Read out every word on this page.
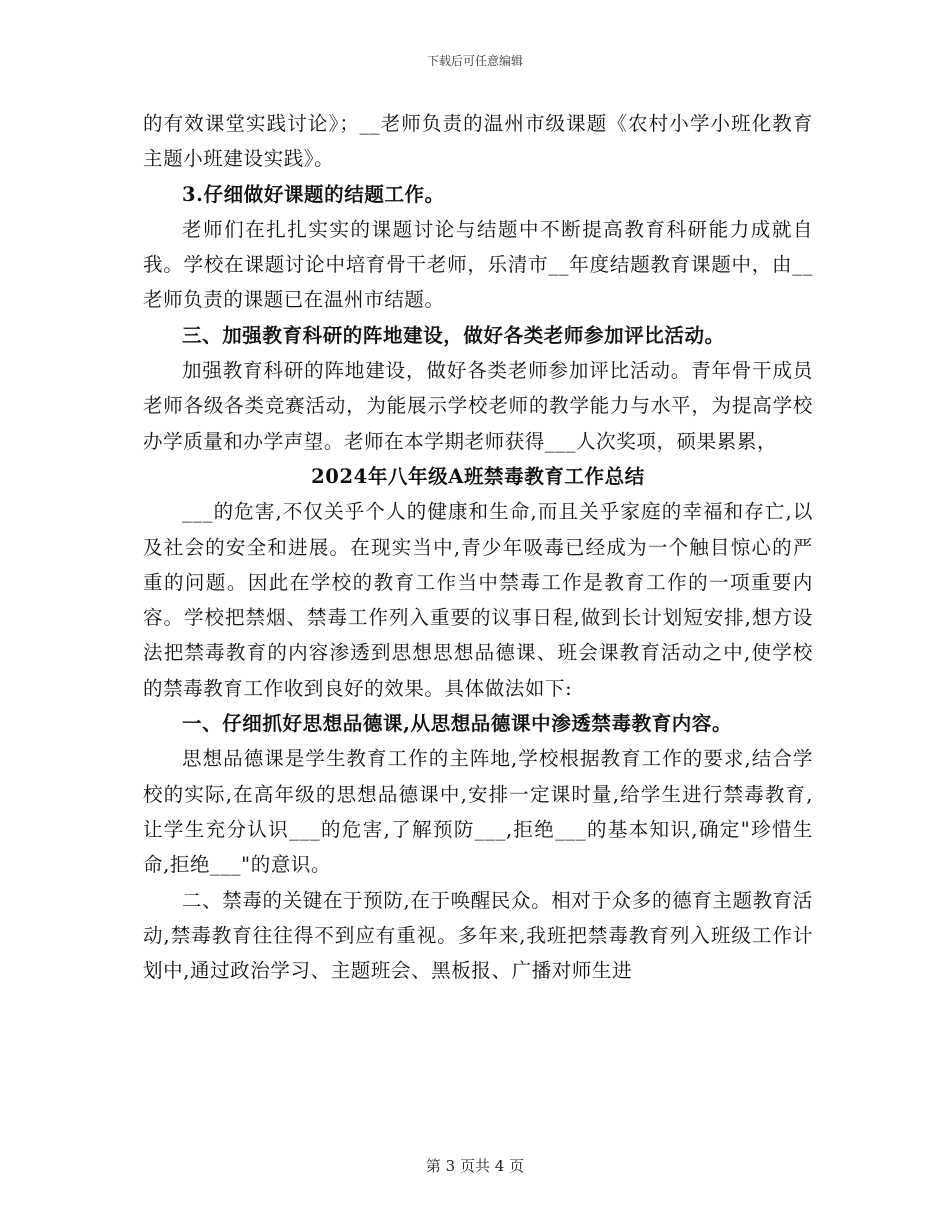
下载后可任意编辑

的有效课堂实践讨论》；__老师负责的温州市级课题《农村小学小班化教育主题小班建设实践》。

3.仔细做好课题的结题工作。

老师们在扎扎实实的课题讨论与结题中不断提高教育科研能力成就自我。学校在课题讨论中培育骨干老师，乐清市__年度结题教育课题中，由__老师负责的课题已在温州市结题。

三、加强教育科研的阵地建设，做好各类老师参加评比活动。

加强教育科研的阵地建设，做好各类老师参加评比活动。青年骨干成员老师各级各类竞赛活动，为能展示学校老师的教学能力与水平，为提高学校办学质量和办学声望。老师在本学期老师获得___人次奖项，硕果累累，

2024年八年级A班禁毒教育工作总结

___的危害,不仅关乎个人的健康和生命,而且关乎家庭的幸福和存亡,以及社会的安全和进展。在现实当中,青少年吸毒已经成为一个触目惊心的严重的问题。因此在学校的教育工作当中禁毒工作是教育工作的一项重要内容。学校把禁烟、禁毒工作列入重要的议事日程,做到长计划短安排,想方设法把禁毒教育的内容渗透到思想思想品德课、班会课教育活动之中,使学校的禁毒教育工作收到良好的效果。具体做法如下:

一、仔细抓好思想品德课,从思想品德课中渗透禁毒教育内容。

思想品德课是学生教育工作的主阵地,学校根据教育工作的要求,结合学校的实际,在高年级的思想品德课中,安排一定课时量,给学生进行禁毒教育,让学生充分认识___的危害,了解预防___,拒绝___的基本知识,确定"珍惜生命,拒绝___"的意识。

二、禁毒的关键在于预防,在于唤醒民众。相对于众多的德育主题教育活动,禁毒教育往往得不到应有重视。多年来,我班把禁毒教育列入班级工作计划中,通过政治学习、主题班会、黑板报、广播对师生进

第 3 页共 4 页
